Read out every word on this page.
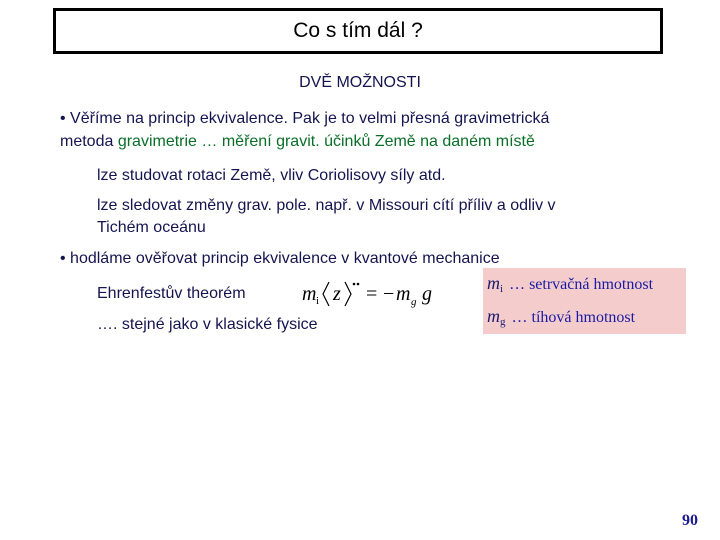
Co s tím dál ?
DVĚ MOŽNOSTI
• Věříme na princip ekvivalence. Pak je to velmi přesná gravimetrická
metoda gravimetrie … měření gravit. účinků Země na daném místě
lze studovat rotaci Země, vliv Coriolisovy síly atd.
lze sledovat změny grav. pole. např. v Missouri cítí příliv a odliv v
Tichém oceánu
• hodláme ověřovat princip ekvivalence v kvantové mechanice
Ehrenfestův theorém	m i z = − m g g
…. stejné jako v klasické fysice
$m_i$ … setrvačná hmotnost
$m_g$ … tíhová hmotnost
90
